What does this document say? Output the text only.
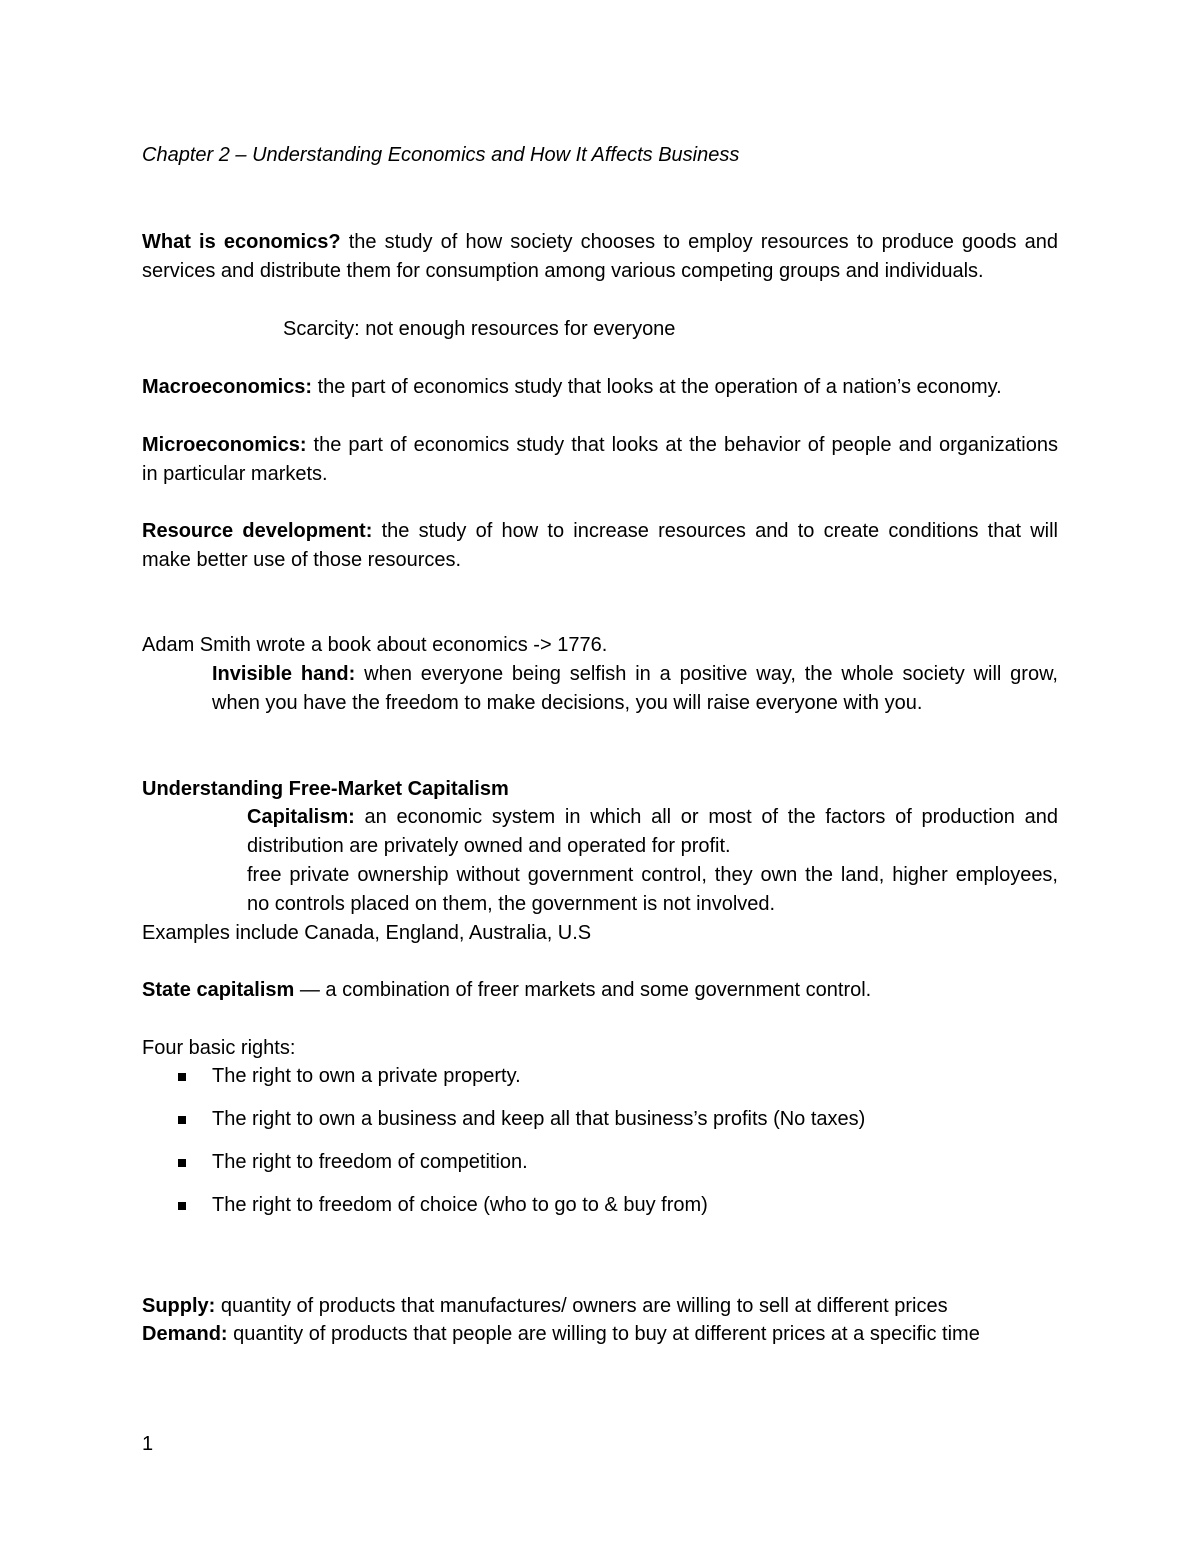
Chapter 2 – Understanding Economics and How It Affects Business
What is economics? the study of how society chooses to employ resources to produce goods and services and distribute them for consumption among various competing groups and individuals.
Scarcity: not enough resources for everyone
Macroeconomics: the part of economics study that looks at the operation of a nation’s economy.
Microeconomics: the part of economics study that looks at the behavior of people and organizations in particular markets.
Resource development: the study of how to increase resources and to create conditions that will make better use of those resources.
Adam Smith wrote a book about economics -> 1776.
Invisible hand: when everyone being selfish in a positive way, the whole society will grow, when you have the freedom to make decisions, you will raise everyone with you.
Understanding Free-Market Capitalism
Capitalism: an economic system in which all or most of the factors of production and distribution are privately owned and operated for profit.
free private ownership without government control, they own the land, higher employees, no controls placed on them, the government is not involved.
Examples include Canada, England, Australia, U.S
State capitalism — a combination of freer markets and some government control.
Four basic rights:
The right to own a private property.
The right to own a business and keep all that business’s profits (No taxes)
The right to freedom of competition.
The right to freedom of choice (who to go to & buy from)
Supply: quantity of products that manufactures/ owners are willing to sell at different prices
Demand: quantity of products that people are willing to buy at different prices at a specific time
1
